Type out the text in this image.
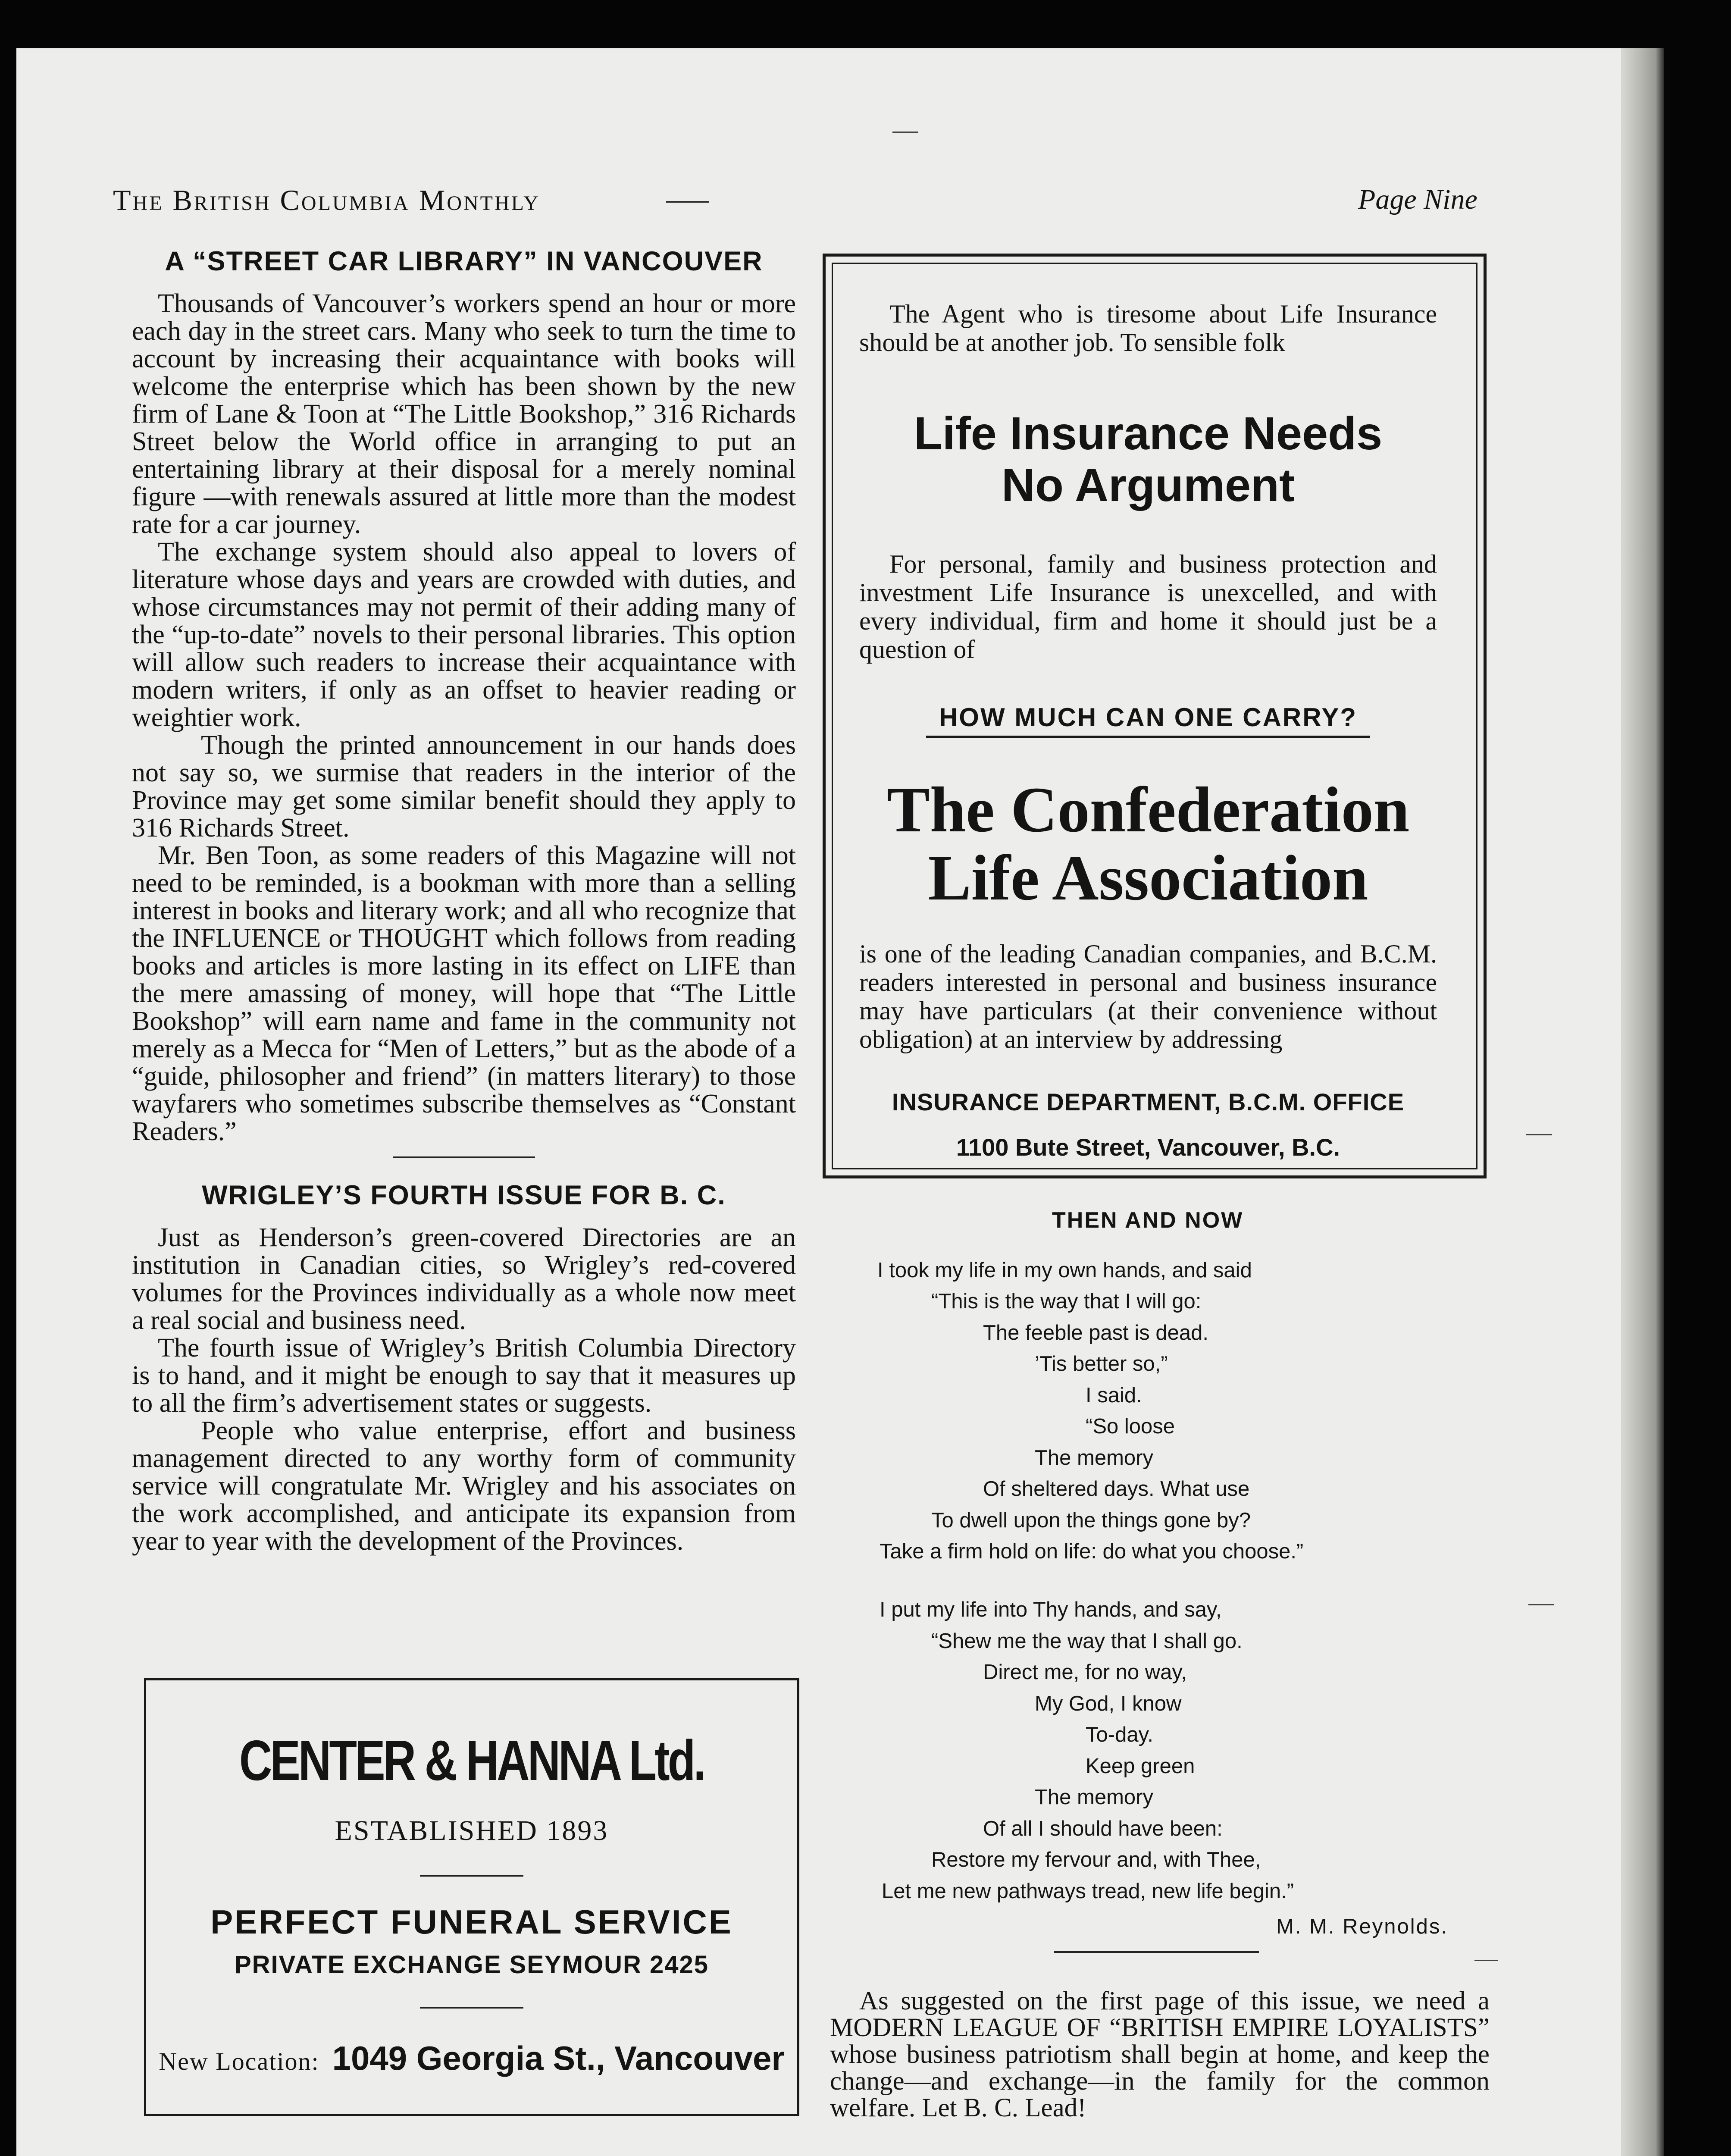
The British Columbia Monthly	Page Nine
A “STREET CAR LIBRARY” IN VANCOUVER

Thousands of Vancouver’s workers spend an hour or more each day in the street cars. Many who seek to turn the time to account by increasing their acquaintance with books will welcome the enterprise which has been shown by the new firm of Lane & Toon at “The Little Bookshop,” 316 Richards Street below the World office in arranging to put an entertaining library at their disposal for a merely nominal figure —with renewals assured at little more than the modest rate for a car journey.

The exchange system should also appeal to lovers of literature whose days and years are crowded with duties, and whose circumstances may not permit of their adding many of the “up-to-date” novels to their personal libraries. This option will allow such readers to increase their acquaintance with modern writers, if only as an offset to heavier reading or weightier work.

Though the printed announcement in our hands does not say so, we surmise that readers in the interior of the Province may get some similar benefit should they apply to 316 Richards Street.

Mr. Ben Toon, as some readers of this Magazine will not need to be reminded, is a bookman with more than a selling interest in books and literary work; and all who recognize that the INFLUENCE or THOUGHT which follows from reading books and articles is more lasting in its effect on LIFE than the mere amassing of money, will hope that “The Little Bookshop” will earn name and fame in the community not merely as a Mecca for “Men of Letters,” but as the abode of a “guide, philosopher and friend” (in matters literary) to those wayfarers who sometimes subscribe themselves as “Constant Readers.”

WRIGLEY’S FOURTH ISSUE FOR B. C.

Just as Henderson’s green-covered Directories are an institution in Canadian cities, so Wrigley’s red-covered volumes for the Provinces individually as a whole now meet a real social and business need.

The fourth issue of Wrigley’s British Columbia Directory is to hand, and it might be enough to say that it measures up to all the firm’s advertisement states or suggests.

People who value enterprise, effort and business management directed to any worthy form of community service will congratulate Mr. Wrigley and his associates on the work accomplished, and anticipate its expansion from year to year with the development of the Provinces.

CENTER & HANNA Ltd.
ESTABLISHED 1893
PERFECT FUNERAL SERVICE
PRIVATE EXCHANGE SEYMOUR 2425
New Location: 1049 Georgia St., Vancouver

The Agent who is tiresome about Life Insurance should be at another job. To sensible folk

Life Insurance Needs
No Argument

For personal, family and business protection and investment Life Insurance is unexcelled, and with every individual, firm and home it should just be a question of

HOW MUCH CAN ONE CARRY?
The Confederation
Life Association

is one of the leading Canadian companies, and B.C.M. readers interested in personal and business insurance may have particulars (at their convenience without obligation) at an interview by addressing

INSURANCE DEPARTMENT, B.C.M. OFFICE
1100 Bute Street, Vancouver, B.C.
THEN AND NOW
I took my life in my own hands, and said
“This is the way that I will go:
The feeble past is dead.
’Tis better so,”
I said.
“So loose
The memory
Of sheltered days. What use
To dwell upon the things gone by?
Take a firm hold on life: do what you choose.”
I put my life into Thy hands, and say,
“Shew me the way that I shall go.
Direct me, for no way,
My God, I know
To-day.
Keep green
The memory
Of all I should have been:
Restore my fervour and, with Thee,
Let me new pathways tread, new life begin.”
M. M. Reynolds.

As suggested on the first page of this issue, we need a MODERN LEAGUE OF “BRITISH EMPIRE LOYALISTS” whose business patriotism shall begin at home, and keep the change—and exchange—in the family for the common welfare. Let B. C. Lead!
